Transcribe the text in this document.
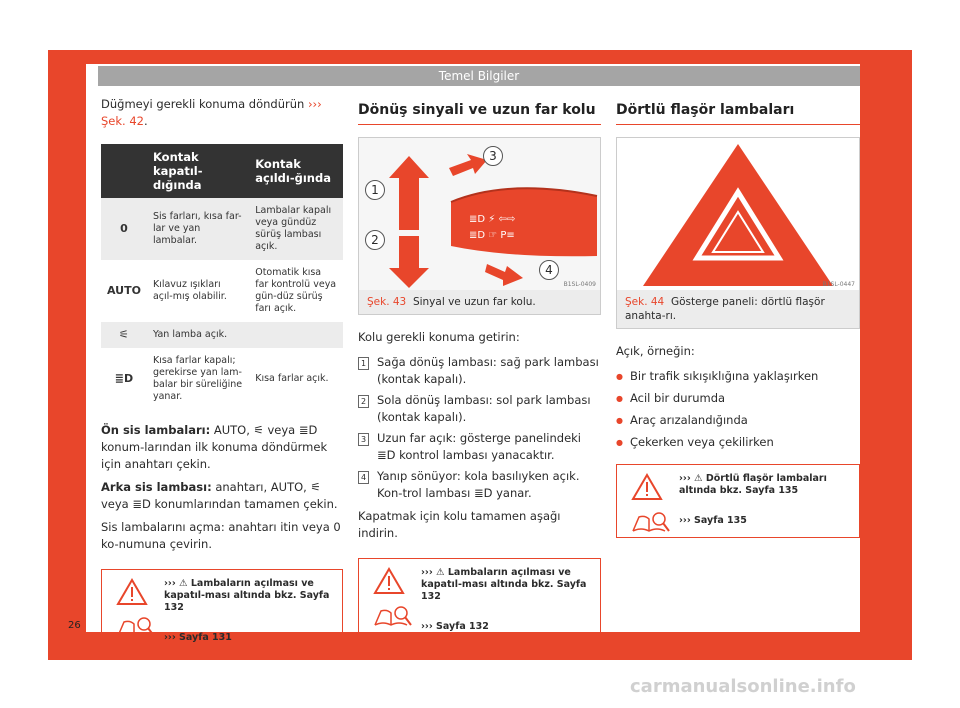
Temel Bilgiler

Düğmeyi gerekli konuma döndürün ››› Şek. 42.

	Kontak kapatıl-dığında	Kontak açıldı-ğında
0	Sis farları, kısa far-lar ve yan lambalar.	Lambalar kapalı veya gündüz sürüş lambası açık.
AUTO	Kılavuz ışıkları açıl-mış olabilir.	Otomatik kısa far kontrolü veya gün-düz sürüş farı açık.
⁠⚟	Yan lamba açık.	
≣D	Kısa farlar kapalı; gerekirse yan lam-balar bir süreliğine yanar.	Kısa farlar açık.

Ön sis lambaları: AUTO, ⚟ veya ≣D konum-larından ilk konuma döndürmek için anahtarı çekin.

Arka sis lambası: anahtarı, AUTO, ⚟ veya ≣D konumlarından tamamen çekin.

Sis lambalarını açma: anahtarı itin veya 0 ko-numuna çevirin.

››› ⚠ Lambaların açılması ve kapatıl-ması altında bkz. Sayfa 132

››› Sayfa 131

Dönüş sinyali ve uzun far kolu
≣D ⚡ ⇦⇨
≣D ☞ P≡
1
2
3
4
B1SL-0409
Şek. 43 Sinyal ve uzun far kolu.

Kolu gerekli konuma getirin:

1 Sağa dönüş lambası: sağ park lambası (kontak kapalı).
2 Sola dönüş lambası: sol park lambası (kontak kapalı).
3 Uzun far açık: gösterge panelindeki ≣D kontrol lambası yanacaktır.
4 Yanıp sönüyor: kola basılıyken açık. Kon-trol lambası ≣D yanar.

Kapatmak için kolu tamamen aşağı indirin.

››› ⚠ Lambaların açılması ve kapatıl-ması altında bkz. Sayfa 132

››› Sayfa 132

Dörtlü flaşör lambaları
B1SL-0447
Şek. 44 Gösterge paneli: dörtlü flaşör anahta-rı.

Açık, örneğin:

● Bir trafik sıkışıklığına yaklaşırken
● Acil bir durumda
● Araç arızalandığında
● Çekerken veya çekilirken

››› ⚠ Dörtlü flaşör lambaları altında bkz. Sayfa 135

››› Sayfa 135

26
carmanualsonline.info
